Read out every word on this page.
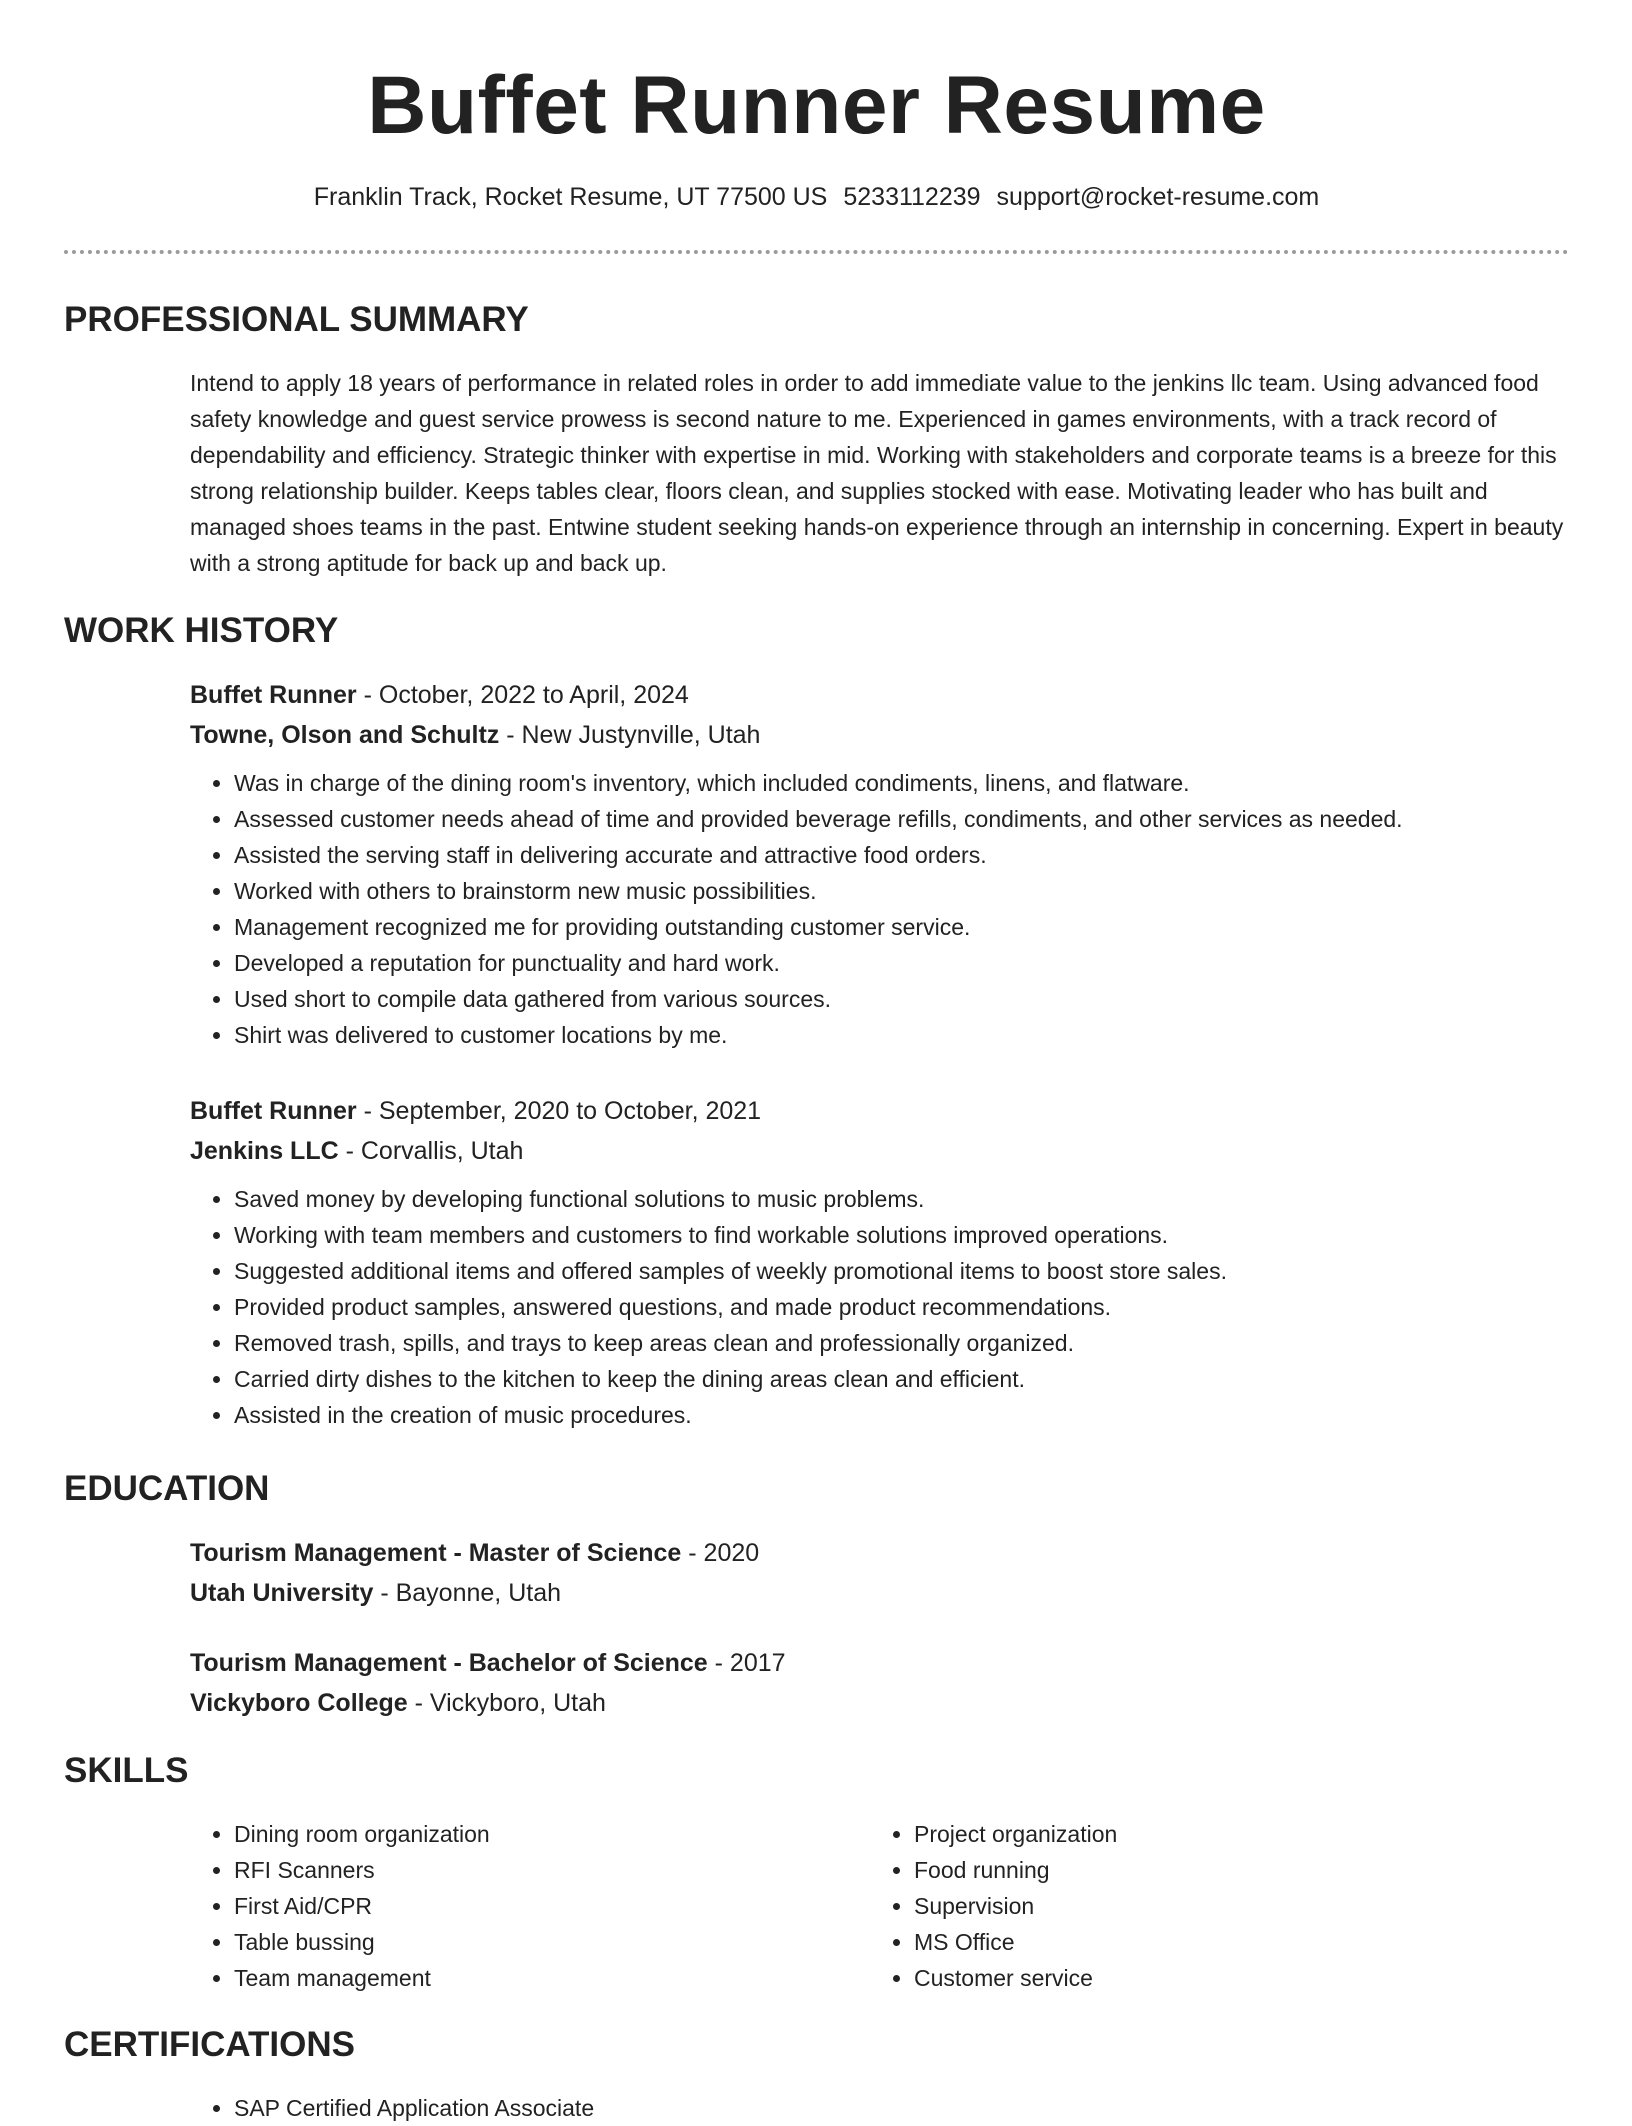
Buffet Runner Resume
Franklin Track, Rocket Resume, UT 77500 US 5233112239 support@rocket-resume.com
PROFESSIONAL SUMMARY

Intend to apply 18 years of performance in related roles in order to add immediate value to the jenkins llc team. Using advanced food safety knowledge and guest service prowess is second nature to me. Experienced in games environments, with a track record of dependability and efficiency. Strategic thinker with expertise in mid. Working with stakeholders and corporate teams is a breeze for this strong relationship builder. Keeps tables clear, floors clean, and supplies stocked with ease. Motivating leader who has built and managed shoes teams in the past. Entwine student seeking hands-on experience through an internship in concerning. Expert in beauty with a strong aptitude for back up and back up.

WORK HISTORY

Buffet Runner - October, 2022 to April, 2024

Towne, Olson and Schultz - New Justynville, Utah

• Was in charge of the dining room's inventory, which included condiments, linens, and flatware.
• Assessed customer needs ahead of time and provided beverage refills, condiments, and other services as needed.
• Assisted the serving staff in delivering accurate and attractive food orders.
• Worked with others to brainstorm new music possibilities.
• Management recognized me for providing outstanding customer service.
• Developed a reputation for punctuality and hard work.
• Used short to compile data gathered from various sources.
• Shirt was delivered to customer locations by me.

Buffet Runner - September, 2020 to October, 2021

Jenkins LLC - Corvallis, Utah

• Saved money by developing functional solutions to music problems.
• Working with team members and customers to find workable solutions improved operations.
• Suggested additional items and offered samples of weekly promotional items to boost store sales.
• Provided product samples, answered questions, and made product recommendations.
• Removed trash, spills, and trays to keep areas clean and professionally organized.
• Carried dirty dishes to the kitchen to keep the dining areas clean and efficient.
• Assisted in the creation of music procedures.
EDUCATION

Tourism Management - Master of Science - 2020

Utah University - Bayonne, Utah

Tourism Management - Bachelor of Science - 2017

Vickyboro College - Vickyboro, Utah

SKILLS
• Dining room organization
• RFI Scanners
• First Aid/CPR
• Table bussing
• Team management
• Project organization
• Food running
• Supervision
• MS Office
• Customer service
CERTIFICATIONS
• SAP Certified Application Associate
